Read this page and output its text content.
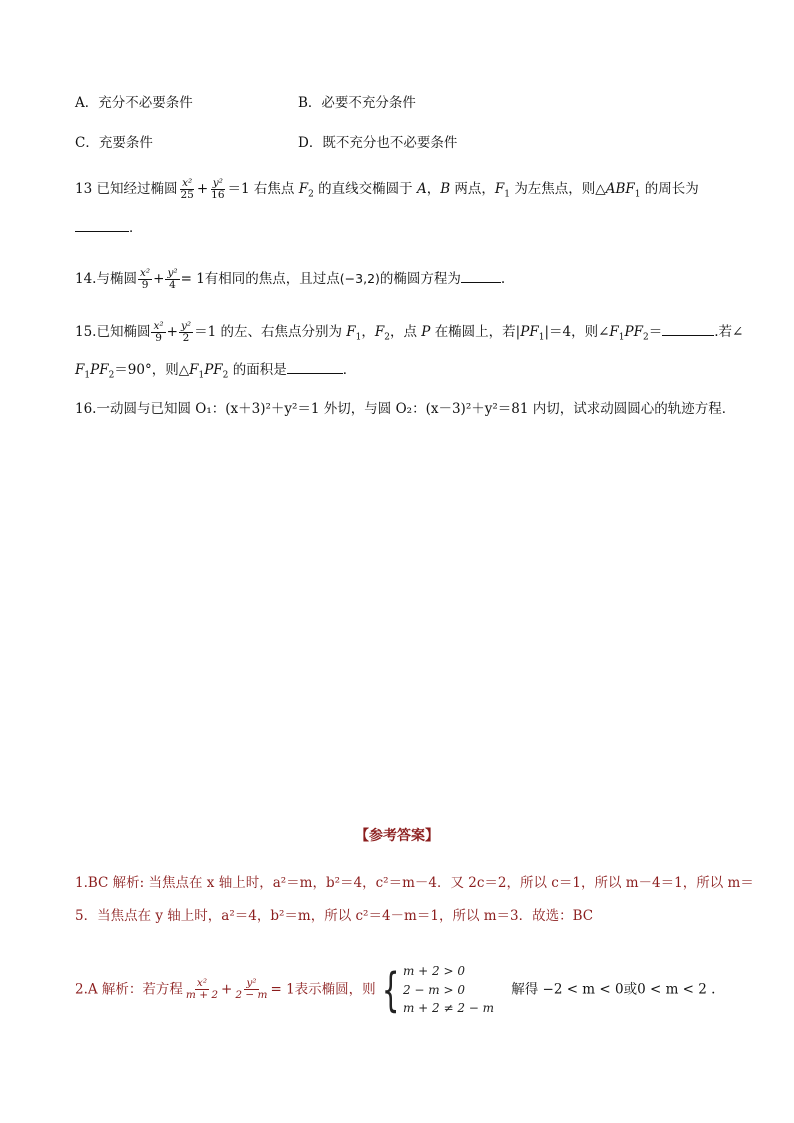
A．充分不必要条件	B．必要不充分条件
C．充要条件	D．既不充分也不必要条件
13 已知经过椭圆 $\frac{\text{x²}}{25} + \frac{\text{y²}}{16} =1$ 右焦点 $F_2$ 的直线交椭圆于 A，B 两点，$F_1$ 为左焦点，则$\triangle ABF_1$ 的周长为
．
14.与椭圆 $\frac{\text{x²}}{9} + \frac{\text{y²}}{4} = 1$有相同的焦点，且过点(−3,2)的椭圆方程为	.
15.已知椭圆 $\frac{\text{x²}}{9} + \frac{\text{y²}}{2} =1$ 的左、右焦点分别为 $F_1$，$F_2$，点 P 在椭圆上，若$|PF_1|=4$，则$\angle F_1PF_2=$	.若∠
$F_1PF_2=90^\circ$，则$\triangle F_1PF_2$ 的面积是	．
16.一动圆与已知圆 O₁：(x＋3)²＋y²＝1 外切，与圆 O₂：(x－3)²＋y²＝81 内切，试求动圆圆心的轨迹方程．
【参考答案】
1.BC 解析: 当焦点在 x 轴上时，a²＝m，b²＝4，c²＝m－4．又 2c＝2，所以 c＝1，所以 m－4＝1，所以 m＝
5．当焦点在 y 轴上时，a²＝4，b²＝m，所以 c²＝4－m＝1，所以 m＝3．故选：BC
2.A 解析：若方程 $\frac{\text{x²}}{m + 2} + \frac{\text{y²}}{2 - m} = 1$表示椭圆，则 { m + 2 > 0
2 − m > 0
m + 2 ≠ 2 − m
解得 −2 < m < 0或0 < m < 2 .
